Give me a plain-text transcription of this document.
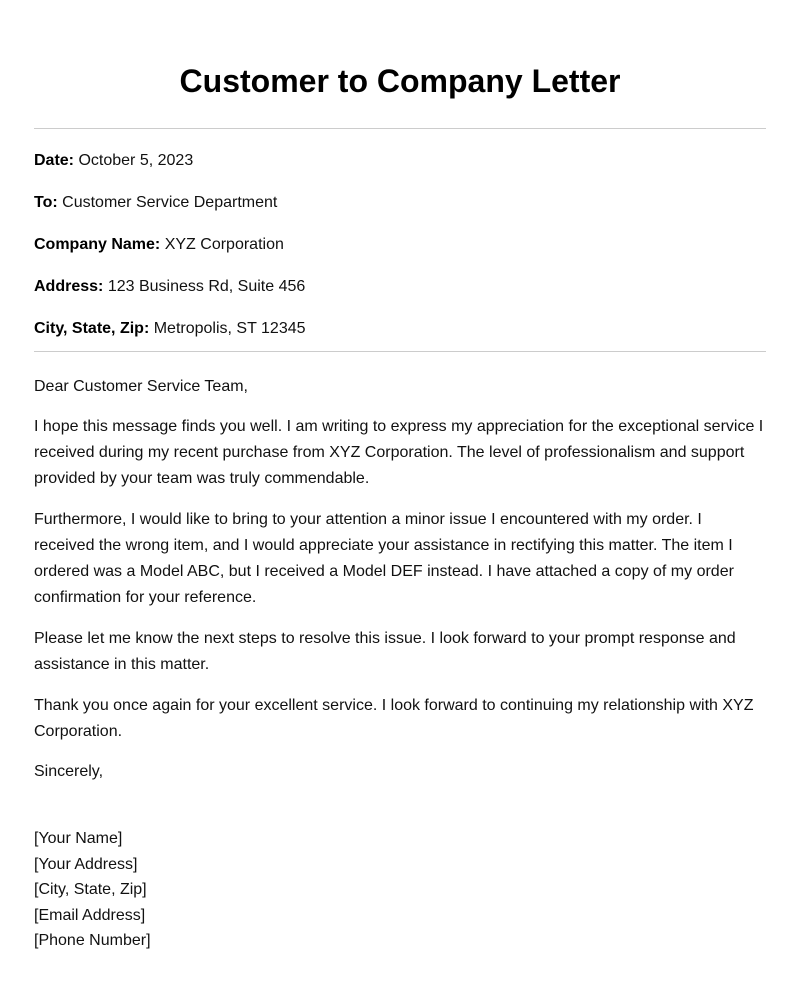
Customer to Company Letter

Date: October 5, 2023

To: Customer Service Department

Company Name: XYZ Corporation

Address: 123 Business Rd, Suite 456

City, State, Zip: Metropolis, ST 12345

Dear Customer Service Team,

I hope this message finds you well. I am writing to express my appreciation for the exceptional service I received during my recent purchase from XYZ Corporation. The level of professionalism and support provided by your team was truly commendable.

Furthermore, I would like to bring to your attention a minor issue I encountered with my order. I received the wrong item, and I would appreciate your assistance in rectifying this matter. The item I ordered was a Model ABC, but I received a Model DEF instead. I have attached a copy of my order confirmation for your reference.

Please let me know the next steps to resolve this issue. I look forward to your prompt response and assistance in this matter.

Thank you once again for your excellent service. I look forward to continuing my relationship with XYZ Corporation.

Sincerely,

[Your Name]
[Your Address]
[City, State, Zip]
[Email Address]
[Phone Number]
